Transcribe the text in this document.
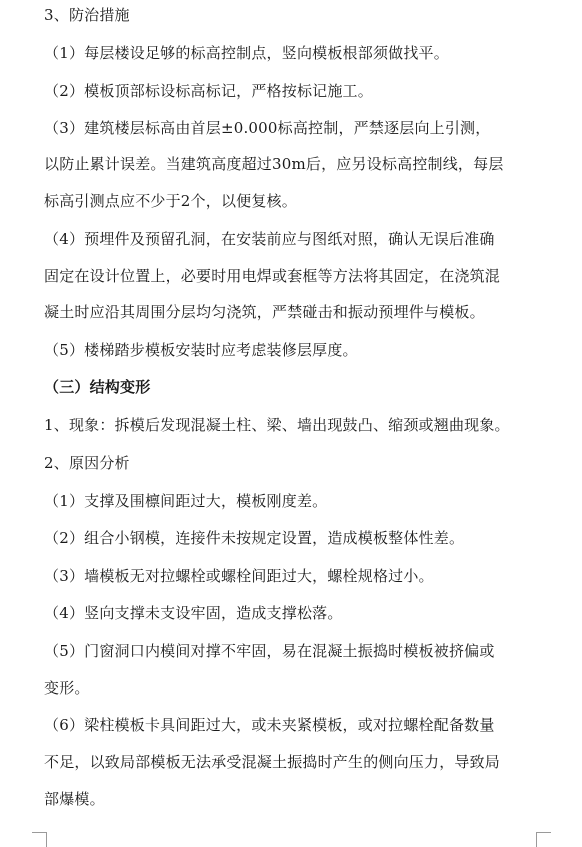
3、防治措施
（1）每层楼设足够的标高控制点，竖向模板根部须做找平。
（2）模板顶部标设标高标记，严格按标记施工。
（3）建筑楼层标高由首层±0.000标高控制，严禁逐层向上引测，
以防止累计误差。当建筑高度超过30m后，应另设标高控制线，每层
标高引测点应不少于2个，以便复核。
（4）预埋件及预留孔洞，在安装前应与图纸对照，确认无误后准确
固定在设计位置上，必要时用电焊或套框等方法将其固定，在浇筑混
凝土时应沿其周围分层均匀浇筑，严禁碰击和振动预埋件与模板。
（5）楼梯踏步模板安装时应考虑装修层厚度。
（三）结构变形
1、现象：拆模后发现混凝土柱、梁、墙出现鼓凸、缩颈或翘曲现象。
2、原因分析
（1）支撑及围檩间距过大，模板刚度差。
（2）组合小钢模，连接件未按规定设置，造成模板整体性差。
（3）墙模板无对拉螺栓或螺栓间距过大，螺栓规格过小。
（4）竖向支撑未支设牢固，造成支撑松落。
（5）门窗洞口内模间对撑不牢固，易在混凝土振捣时模板被挤偏或
变形。
（6）梁柱模板卡具间距过大，或未夹紧模板，或对拉螺栓配备数量
不足，以致局部模板无法承受混凝土振捣时产生的侧向压力，导致局
部爆模。
